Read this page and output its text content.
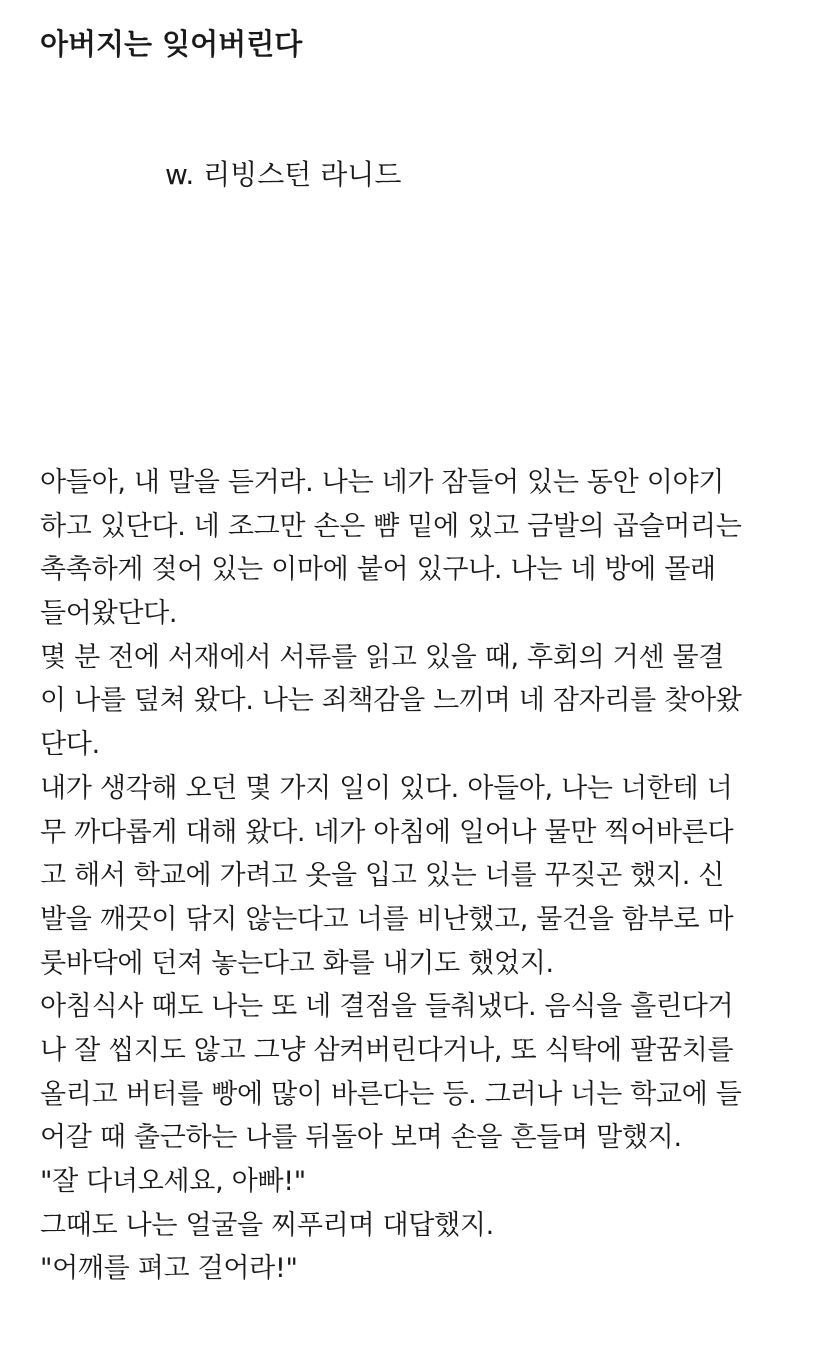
아버지는 잊어버린다

w. 리빙스턴 라니드

아들아, 내 말을 듣거라. 나는 네가 잠들어 있는 동안 이야기
하고 있단다. 네 조그만 손은 뺨 밑에 있고 금발의 곱슬머리는
촉촉하게 젖어 있는 이마에 붙어 있구나. 나는 네 방에 몰래
들어왔단다.
몇 분 전에 서재에서 서류를 읽고 있을 때, 후회의 거센 물결
이 나를 덮쳐 왔다. 나는 죄책감을 느끼며 네 잠자리를 찾아왔
단다.
내가 생각해 오던 몇 가지 일이 있다. 아들아, 나는 너한테 너
무 까다롭게 대해 왔다. 네가 아침에 일어나 물만 찍어바른다
고 해서 학교에 가려고 옷을 입고 있는 너를 꾸짖곤 했지. 신
발을 깨끗이 닦지 않는다고 너를 비난했고, 물건을 함부로 마
룻바닥에 던져 놓는다고 화를 내기도 했었지.
아침식사 때도 나는 또 네 결점을 들춰냈다. 음식을 흘린다거
나 잘 씹지도 않고 그냥 삼켜버린다거나, 또 식탁에 팔꿈치를
올리고 버터를 빵에 많이 바른다는 등. 그러나 너는 학교에 들
어갈 때 출근하는 나를 뒤돌아 보며 손을 흔들며 말했지.
"잘 다녀오세요, 아빠!"
그때도 나는 얼굴을 찌푸리며 대답했지.
"어깨를 펴고 걸어라!"
